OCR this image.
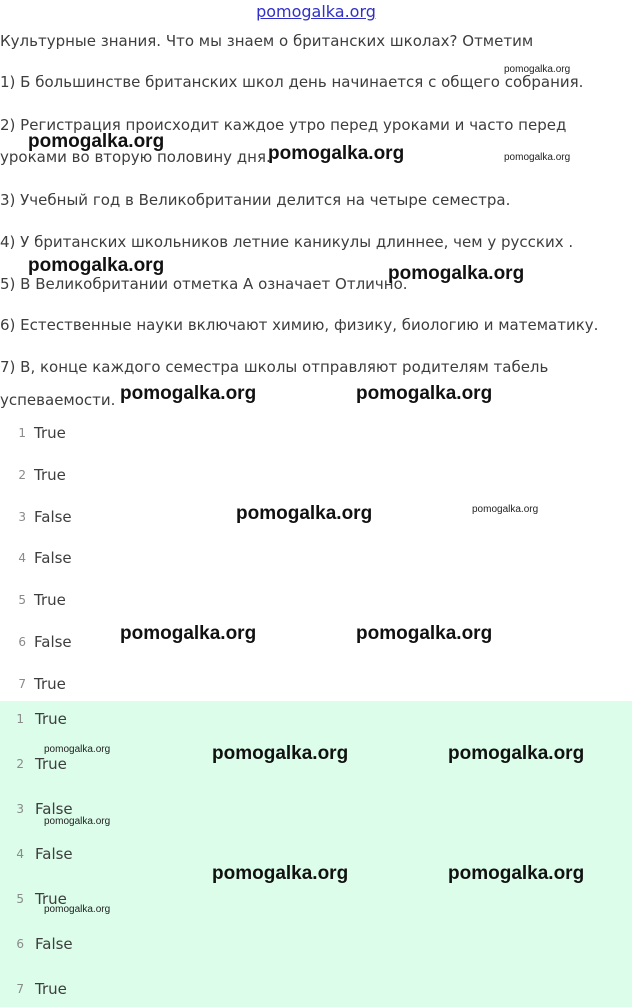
pomogalka.org
Культурные знания. Что мы знаем о британских школах? Отметим
1) Б большинстве британских школ день начинается с общего собрания.
2) Регистрация происходит каждое утро перед уроками и часто перед
уроками во вторую половину дня.
3) Учебный год в Великобритании делится на четыре семестра.
4) У британских школьников летние каникулы длиннее, чем у русских .
5) В Великобритании отметка А означает Отлично.
6) Естественные науки включают химию, физику, биологию и математику.
7) В, конце каждого семестра школы отправляют родителям табель
успеваемости.
1 True
2 True
3 False
4 False
5 True
6 False
7 True
1 True
2 True
3 False
4 False
5 True
6 False
7 True
pomogalka.org
pomogalka.org
pomogalka.org	pomogalka.org
pomogalka.org	pomogalka.org
pomogalka.org	pomogalka.org
pomogalka.org	pomogalka.org
pomogalka.org	pomogalka.org
pomogalka.org	pomogalka.org	pomogalka.org
pomogalka.org
pomogalka.org	pomogalka.org
pomogalka.org
